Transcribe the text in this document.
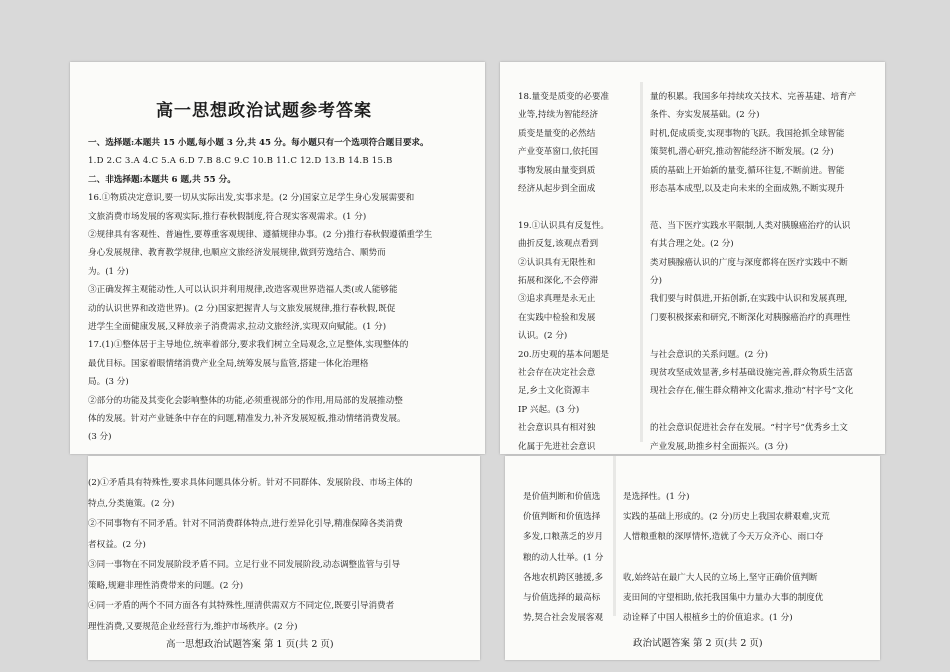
高一思想政治试题参考答案
一、选择题:本题共 15 小题,每小题 3 分,共 45 分。每小题只有一个选项符合题目要求。
1.D 2.C 3.A 4.C 5.A 6.D 7.B 8.C 9.C 10.B 11.C 12.D 13.B 14.B 15.B
二、非选择题:本题共 6 题,共 55 分。
16.①物质决定意识,要一切从实际出发,实事求是。(2 分)国家立足学生身心发展需要和
文旅消费市场发展的客观实际,推行春秋假制度,符合现实客观需求。(1 分)
②规律具有客观性、普遍性,要尊重客观规律、遵循规律办事。(2 分)推行春秋假遵循重学生
身心发展规律、教育教学规律,也顺应文旅经济发展规律,做到劳逸结合、顺势而
为。(1 分)
③正确发挥主观能动性,人可以认识并利用规律,改造客观世界造福人类(或人能够能
动的认识世界和改造世界)。(2 分)国家把握青人与文旅发展规律,推行春秋假,既促
进学生全面健康发展,又释放亲子消费需求,拉动文旅经济,实现双向赋能。(1 分)
17.(1)①整体居于主导地位,统率着部分,要求我们树立全局观念,立足整体,实现整体的
最优目标。国家着眼情绪消费产业全局,统筹发展与监管,搭建一体化治理格
局。(3 分)
②部分的功能及其变化会影响整体的功能,必须重视部分的作用,用局部的发展推动整
体的发展。针对产业链条中存在的问题,精准发力,补齐发展短板,推动情绪消费发展。
(3 分)
(2)①矛盾具有特殊性,要求具体问题具体分析。针对不同群体、发展阶段、市场主体的
特点,分类施策。(2 分)
②不同事物有不同矛盾。针对不同消费群体特点,进行差异化引导,精准保障各类消费
者权益。(2 分)
③同一事物在不同发展阶段矛盾不同。立足行业不同发展阶段,动态调整监管与引导
策略,规避非理性消费带来的问题。(2 分)
④同一矛盾的两个不同方面各有其特殊性,厘清供需双方不同定位,既要引导消费者
理性消费,又要规范企业经营行为,维护市场秩序。(2 分)
高一思想政治试题答案 第 1 页(共 2 页)
18.量变是质变的必要准
业等,持续为智能经济
质变是量变的必然结
产业变革窗口,依托国
事物发展由量变到质
经济从起步到全面成
19.①认识具有反复性。
曲折反复,该观点看到
②认识具有无限性和
拓展和深化,不会停滞
③追求真理是永无止
在实践中检验和发展
认识。(2 分)
20.历史观的基本问题是
社会存在决定社会意
足,乡土文化资源丰
IP 兴起。(3 分)
社会意识具有相对独
化属于先进社会意识
量的积累。我国多年持续攻关技术、完善基建、培育产
条件、夯实发展基础。(2 分)
时机,促成质变,实现事物的飞跃。我国抢抓全球智能
策契机,潜心研究,推动智能经济不断发展。(2 分)
质的基础上开始新的量变,循环往复,不断前进。智能
形态基本成型,以及走向未来的全面成熟,不断实现升
范、当下医疗实践水平限制,人类对胰腺癌治疗的认识
有其合理之处。(2 分)
类对胰腺癌认识的广度与深度都将在医疗实践中不断
分)
我们要与时俱进,开拓创新,在实践中认识和发展真理,
门要积极探索和研究,不断深化对胰腺癌治疗的真理性
与社会意识的关系问题。(2 分)
现贫攻坚成效显著,乡村基础设施完善,群众物质生活富
现社会存在,催生群众精神文化需求,推动“村字号”文化
的社会意识促进社会存在发展。“村字号”优秀乡土文
产业发展,助推乡村全面振兴。(3 分)
是价值判断和价值选
价值判断和价值选择
多发,口粮蒸乏的岁月
粮的动人壮举。(1 分
各地农机跨区驰援,多
与价值选择的最高标
势,契合社会发展客观
是选择性。(1 分)
实践的基础上形成的。(2 分)历史上我国农耕艰难,灾荒
人惜粮重粮的深厚情怀,造就了今天万众齐心、雨口夺
收,始终站在最广大人民的立场上,坚守正确价值判断
麦田间的守望相助,依托我国集中力量办大事的制度优
动诠释了中国人根植乡土的价值追求。(1 分)
政治试题答案 第 2 页(共 2 页)
